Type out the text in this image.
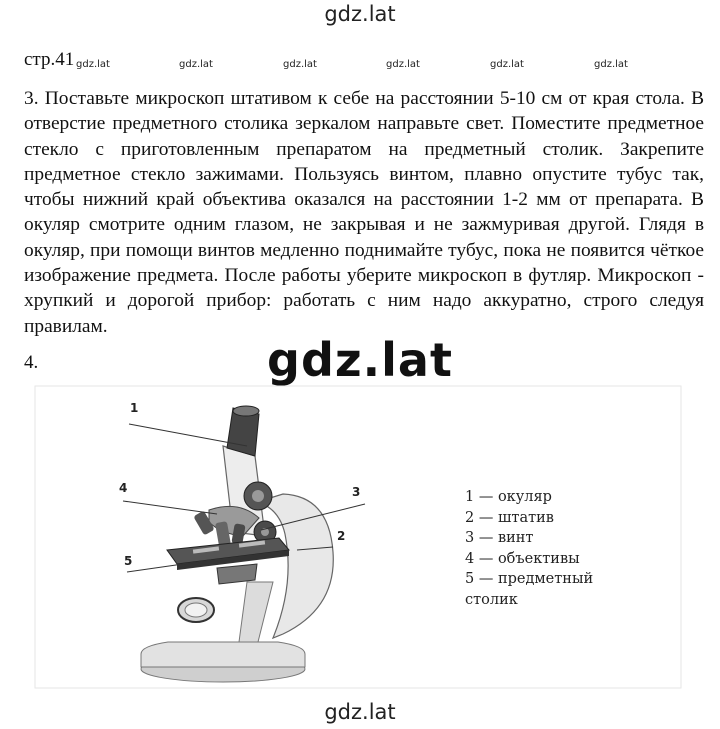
gdz.lat
стр.41 gdz.lat	gdz.lat	gdz.lat	gdz.lat	gdz.lat	gdz.lat
3. Поставьте микроскоп штативом к себе на расстоянии 5-10 см от края стола. В отверстие предметного столика зеркалом направьте свет. Поместите предметное стекло с приготовленным препаратом на предметный столик. Закрепите предметное стекло зажимами. Пользуясь винтом, плавно опустите тубус так, чтобы нижний край объектива оказался на расстоянии 1-2 мм от препарата. В окуляр смотрите одним глазом, не закрывая и не зажмуривая другой. Глядя в окуляр, при помощи винтов медленно поднимайте тубус, пока не появится чёткое изображение предмета. После работы уберите микроскоп в футляр. Микроскоп - хрупкий и дорогой прибор: работать с ним надо аккуратно, строго следуя правилам.
4.	gdz.lat
1
4	3
2
5
1 — окуляр
2 — штатив
3 — винт
4 — объективы
5 — предметный
столик
gdz.lat
